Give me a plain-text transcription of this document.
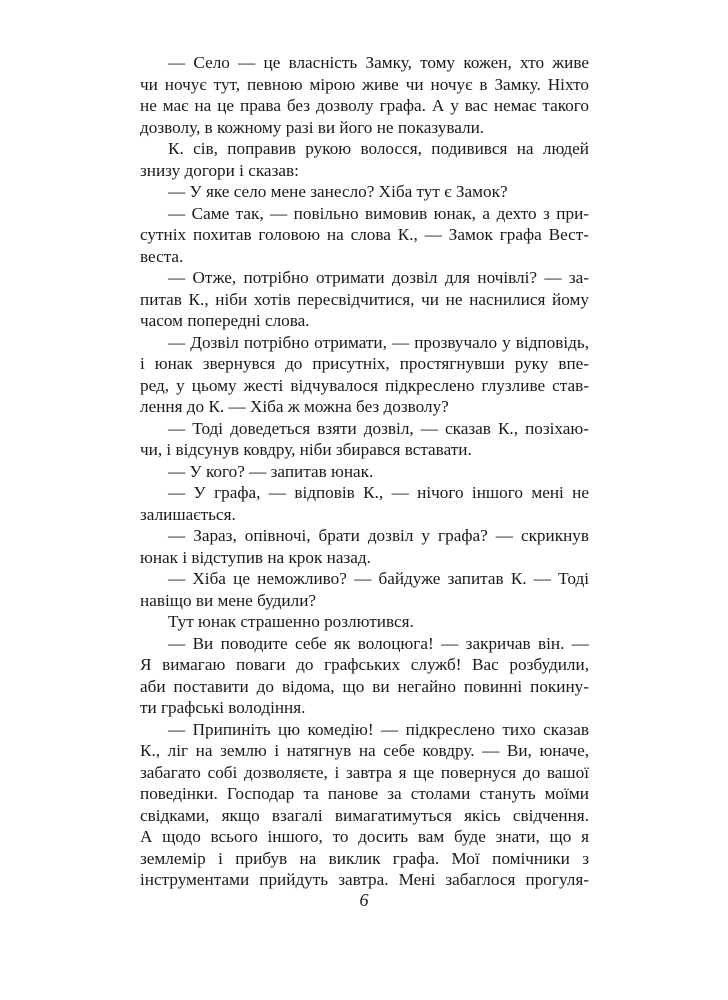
— Село — це власність Замку, тому кожен, хто живе
чи ночує тут, певною мірою живе чи ночує в Замку. Ніхто
не має на це права без дозволу графа. А у вас немає такого
дозволу, в кожному разі ви його не показували.
К. сів, поправив рукою волосся, подивився на людей
знизу догори і сказав:
— У яке село мене занесло? Хіба тут є Замок?
— Саме так, — повільно вимовив юнак, а дехто з при-
сутніх похитав головою на слова К., — Замок графа Вест-
веста.
— Отже, потрібно отримати дозвіл для ночівлі? — за-
питав К., ніби хотів пересвідчитися, чи не наснилися йому
часом попередні слова.
— Дозвіл потрібно отримати, — прозвучало у відповідь,
і юнак звернувся до присутніх, простягнувши руку впе-
ред, у цьому жесті відчувалося підкреслено глузливе став-
лення до К. — Хіба ж можна без дозволу?
— Тоді доведеться взяти дозвіл, — сказав К., позіхаю-
чи, і відсунув ковдру, ніби збирався вставати.
— У кого? — запитав юнак.
— У графа, — відповів К., — нічого іншого мені не
залишається.
— Зараз, опівночі, брати дозвіл у графа? — скрикнув
юнак і відступив на крок назад.
— Хіба це неможливо? — байдуже запитав К. — Тоді
навіщо ви мене будили?
Тут юнак страшенно розлютився.
— Ви поводите себе як волоцюга! — закричав він. —
Я вимагаю поваги до графських служб! Вас розбудили,
аби поставити до відома, що ви негайно повинні покину-
ти графські володіння.
— Припиніть цю комедію! — підкреслено тихо сказав
К., ліг на землю і натягнув на себе ковдру. — Ви, юначе,
забагато собі дозволяєте, і завтра я ще повернуся до вашої
поведінки. Господар та панове за столами стануть моїми
свідками, якщо взагалі вимагатимуться якісь свідчення.
А щодо всього іншого, то досить вам буде знати, що я
землемір і прибув на виклик графа. Мої помічники з
інструментами прийдуть завтра. Мені забаглося прогуля-
6
